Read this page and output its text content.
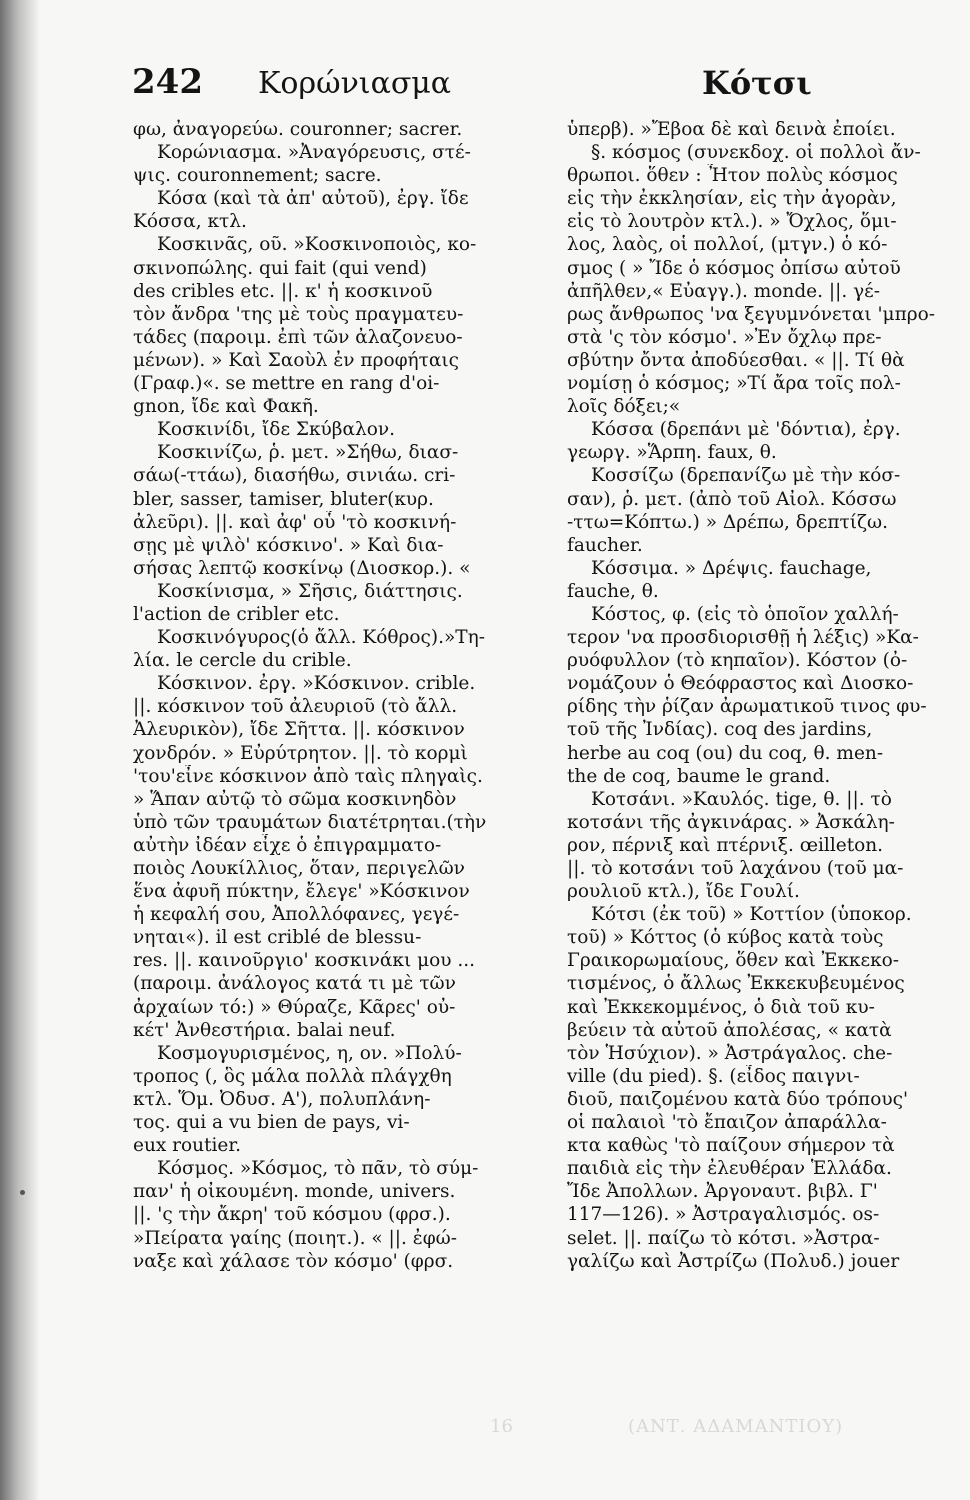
242 Κορώνιασμα	Κότσι
φω, ἀναγορεύω. couronner; sacrer.
Κορώνιασμα. »Ἀναγόρευσις, στέ-
ψις. couronnement; sacre.
Κόσα (καὶ τὰ ἀπ' αὐτοῦ), ἐργ. ἴδε
Κόσσα, κτλ.
Κοσκινᾶς, οῦ. »Κοσκινοποιὸς, κο-
σκινοπώλης. qui fait (qui vend)
des cribles etc. ||. κ' ἡ κοσκινοῦ
τὸν ἄνδρα 'της μὲ τοὺς πραγματευ-
τάδες (παροιμ. ἐπὶ τῶν ἀλαζονευο-
μένων). » Καὶ Σαοὺλ ἐν προφήταις
(Γραφ.)«. se mettre en rang d'oi-
gnon, ἴδε καὶ Φακῆ.
Κοσκινίδι, ἴδε Σκύβαλον.
Κοσκινίζω, ῥ. μετ. »Σήθω, διασ-
σάω(-ττάω), διασήθω, σινιάω. cri-
bler, sasser, tamiser, bluter(κυρ.
ἀλεῦρι). ||. καὶ ἀφ' οὗ 'τὸ κοσκινή-
σῃς μὲ ψιλὸ' κόσκινο'. » Καὶ δια-
σήσας λεπτῷ κοσκίνῳ (Διοσκορ.). «
Κοσκίνισμα, » Σῆσις, διάττησις.
l'action de cribler etc.
Κοσκινόγυρος(ὁ ἄλλ. Κόθρος).»Τη-
λία. le cercle du crible.
Κόσκινον. ἐργ. »Κόσκινον. crible.
||. κόσκινον τοῦ ἀλευριοῦ (τὸ ἄλλ.
Ἀλευρικὸν), ἴδε Σῆττα. ||. κόσκινον
χονδρόν. » Εὐρύτρητον. ||. τὸ κορμὶ
'του'εἶνε κόσκινον ἀπὸ ταὶς πληγαὶς.
» Ἅπαν αὐτῷ τὸ σῶμα κοσκινηδὸν
ὑπὸ τῶν τραυμάτων διατέτρηται.(τὴν
αὐτὴν ἰδέαν εἶχε ὁ ἐπιγραμματο-
ποιὸς Λουκίλλιος, ὅταν, περιγελῶν
ἕνα ἀφυῆ πύκτην, ἔλεγε' »Κόσκινον
ἡ κεφαλή σου, Ἀπολλόφανες, γεγέ-
νηται«). il est criblé de blessu-
res. ||. καινοῦργιο' κοσκινάκι μου ...
(παροιμ. ἀνάλογος κατά τι μὲ τῶν
ἀρχαίων τό:) » Θύραζε, Κᾶρες' οὐ-
κέτ' Ἀνθεστήρια. balai neuf.
Κοσμογυρισμένος, η, ον. »Πολύ-
τροπος (, ὃς μάλα πολλὰ πλάγχθη
κτλ. Ὅμ. Ὀδυσ. Α'), πολυπλάνη-
τος. qui a vu bien de pays, vi-
eux routier.
Κόσμος. »Κόσμος, τὸ πᾶν, τὸ σύμ-
παν' ἡ οἰκουμένη. monde, univers.
||. 'ς τὴν ἄκρη' τοῦ κόσμου (φρσ.).
»Πείρατα γαίης (ποιητ.). « ||. ἐφώ-
ναξε καὶ χάλασε τὸν κόσμο' (φρσ.
ὑπερβ). »Ἔβοα δὲ καὶ δεινὰ ἐποίει.
§. κόσμος (συνεκδοχ. οἱ πολλοὶ ἄν-
θρωποι. ὅθεν : Ἦτον πολὺς κόσμος
εἰς τὴν ἐκκλησίαν, εἰς τὴν ἀγορὰν,
εἰς τὸ λουτρὸν κτλ.). » Ὄχλος, ὅμι-
λος, λαὸς, οἱ πολλοί, (μτγν.) ὁ κό-
σμος ( » Ἴδε ὁ κόσμος ὀπίσω αὐτοῦ
ἀπῆλθεν,« Εὐαγγ.). monde. ||. γέ-
ρως ἄνθρωπος 'να ξεγυμνόνεται 'μπρο-
στὰ 'ς τὸν κόσμο'. »Ἐν ὄχλῳ πρε-
σβύτην ὄντα ἀποδύεσθαι. « ||. Τί θὰ
νομίσῃ ὁ κόσμος; »Τί ἄρα τοῖς πολ-
λοῖς δόξει;«
Κόσσα (δρεπάνι μὲ 'δόντια), ἐργ.
γεωργ. »Ἅρπη. faux, θ.
Κοσσίζω (δρεπανίζω μὲ τὴν κόσ-
σαν), ῥ. μετ. (ἀπὸ τοῦ Αἰολ. Κόσσω
-ττω=Κόπτω.) » Δρέπω, δρεπτίζω.
faucher.
Κόσσιμα. » Δρέψις. fauchage,
fauche, θ.
Κόστος, φ. (εἰς τὸ ὁποῖον χαλλή-
τερον 'να προσδιορισθῇ ἡ λέξις) »Κα-
ρυόφυλλον (τὸ κηπαῖον). Κόστον (ὀ-
νομάζουν ὁ Θεόφραστος καὶ Διοσκο-
ρίδης τὴν ῥίζαν ἀρωματικοῦ τινος φυ-
τοῦ τῆς Ἰνδίας). coq des jardins,
herbe au coq (ou) du coq, θ. men-
the de coq, baume le grand.
Κοτσάνι. »Καυλός. tige, θ. ||. τὸ
κοτσάνι τῆς ἀγκινάρας. » Ἀσκάλη-
ρον, πέρνιξ καὶ πτέρνιξ. œilleton.
||. τὸ κοτσάνι τοῦ λαχάνου (τοῦ μα-
ρουλιοῦ κτλ.), ἴδε Γουλί.
Κότσι (ἐκ τοῦ) » Κοττίον (ὑποκορ.
τοῦ) » Κόττος (ὁ κύβος κατὰ τοὺς
Γραικορωμαίους, ὅθεν καὶ Ἐκκεκο-
τισμένος, ὁ ἄλλως Ἐκκεκυβευμένος
καὶ Ἐκκεκομμένος, ὁ διὰ τοῦ κυ-
βεύειν τὰ αὐτοῦ ἀπολέσας, « κατὰ
τὸν Ἡσύχιον). » Ἀστράγαλος. che-
ville (du pied). §. (εἶδος παιγνι-
διοῦ, παιζομένου κατὰ δύο τρόπους'
οἱ παλαιοὶ 'τὸ ἔπαιζον ἀπαράλλα-
κτα καθὼς 'τὸ παίζουν σήμερον τὰ
παιδιὰ εἰς τὴν ἐλευθέραν Ἑλλάδα.
Ἴδε Ἀπολλων. Ἀργοναυτ. βιβλ. Γ'
117—126). » Ἀστραγαλισμός. os-
selet. ||. παίζω τὸ κότσι. »Ἀστρα-
γαλίζω καὶ Ἀστρίζω (Πολυδ.) jouer
16	(ΑΝΤ. ΑΔΑΜΑΝΤΙΟΥ)
